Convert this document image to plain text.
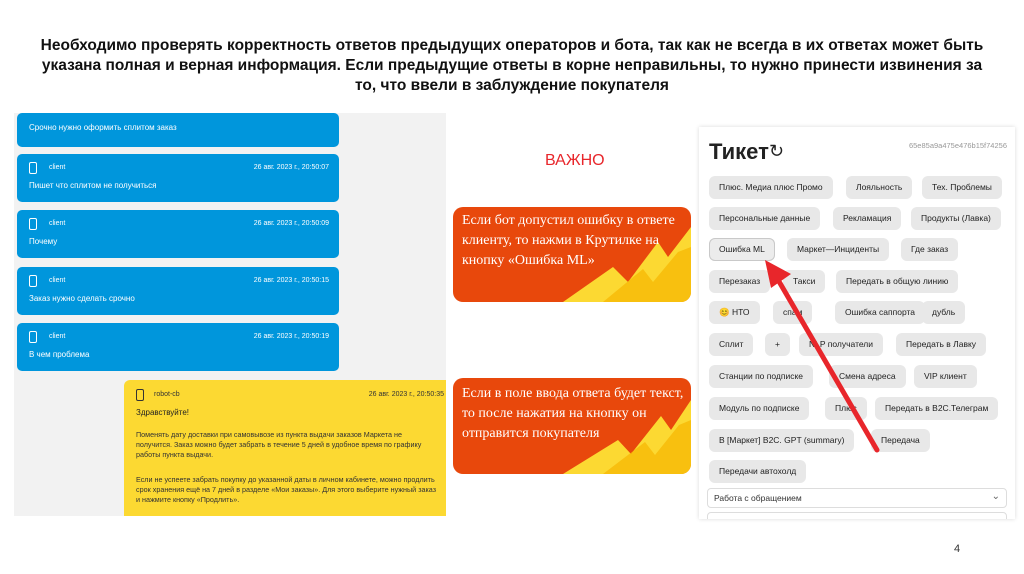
Необходимо проверять корректность ответов предыдущих операторов и бота, так как не всегда в их ответах может быть указана полная и верная информация. Если предыдущие ответы в корне неправильны, то нужно принести извинения за то, что ввели в заблуждение покупателя
Срочно нужно оформить сплитом заказ
client	26 авг. 2023 г., 20:50:07
Пишет что сплитом не получиться
client	26 авг. 2023 г., 20:50:09
Почему
client	26 авг. 2023 г., 20:50:15
Заказ нужно сделать срочно
client	26 авг. 2023 г., 20:50:19
В чем проблема
robot-cb	26 авг. 2023 г., 20:50:35
Здравствуйте!
Поменять дату доставки при самовывозе из пункта выдачи заказов Маркета не получится. Заказ можно будет забрать в течение 5 дней в удобное время по графику работы пункта выдачи.
Если не успеете забрать покупку до указанной даты в личном кабинете, можно продлить срок хранения ещё на 7 дней в разделе «Мои заказы». Для этого выберите нужный заказ и нажмите кнопку «Продлить».
ВАЖНО
Если бот допустил ошибку в ответе клиенту, то нажми в Крутилке на кнопку «Ошибка ML»
Если в поле ввода ответа будет текст, то после нажатия на кнопку он отправится покупателя
Тикет ↻	65e85a9a475e476b15f74256
Плюс. Медиа плюс Промо	Лояльность	Тех. Проблемы
Персональные данные	Рекламация	Продукты (Лавка)
Ошибка ML	Маркет—Инциденты	Где заказ
Перезаказ	Такси	Передать в общую линию
😊 НТО	спам	Ошибка саппорта	дубль
Сплит	+	NLP получатели	Передать в Лавку
Станции по подписке	Смена адреса	VIP клиент
Модуль по подписке	Плюс	Передать в B2C.Телеграм
B [Маркет] B2C. GPT (summary)	Передача
Передачи автохолд
Работа с обращением	⌄
4
